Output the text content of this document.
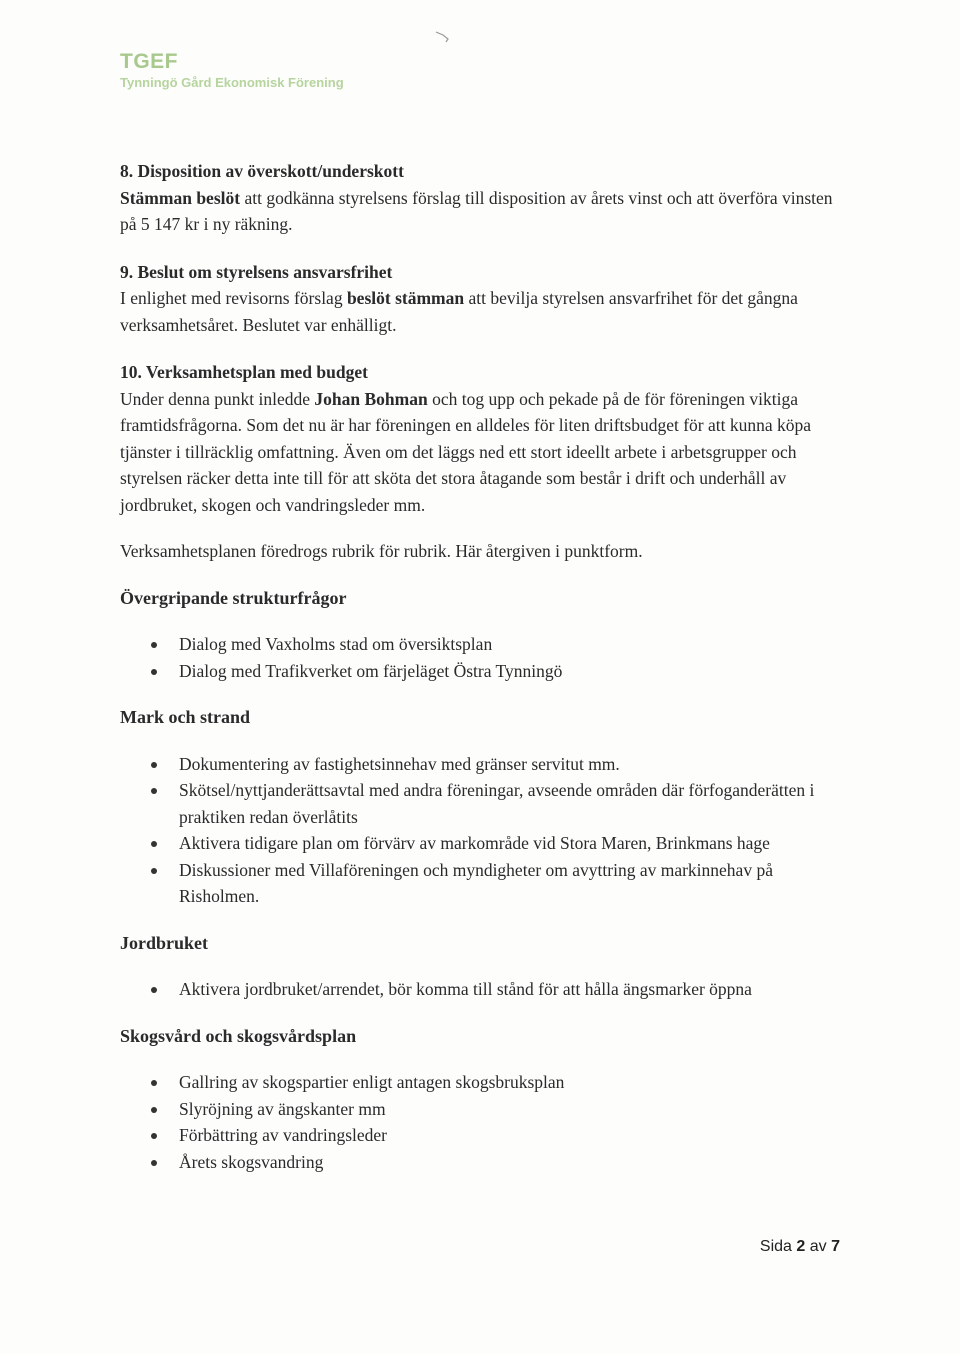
TGEF
Tynningö Gård Ekonomisk Förening

8. Disposition av överskott/underskott

Stämman beslöt att godkänna styrelsens förslag till disposition av årets vinst och att överföra vinsten på 5 147 kr i ny räkning.

9. Beslut om styrelsens ansvarsfrihet

I enlighet med revisorns förslag beslöt stämman att bevilja styrelsen ansvarfrihet för det gångna verksamhetsåret. Beslutet var enhälligt.

10. Verksamhetsplan med budget

Under denna punkt inledde Johan Bohman och tog upp och pekade på de för föreningen viktiga framtidsfrågorna. Som det nu är har föreningen en alldeles för liten driftsbudget för att kunna köpa tjänster i tillräcklig omfattning. Även om det läggs ned ett stort ideellt arbete i arbetsgrupper och styrelsen räcker detta inte till för att sköta det stora åtagande som består i drift och underhåll av jordbruket, skogen och vandringsleder mm.

Verksamhetsplanen föredrogs rubrik för rubrik. Här återgiven i punktform.

Övergripande strukturfrågor

Dialog med Vaxholms stad om översiktsplan
Dialog med Trafikverket om färjeläget Östra Tynningö

Mark och strand

Dokumentering av fastighetsinnehav med gränser servitut mm.
Skötsel/nyttjanderättsavtal med andra föreningar, avseende områden där förfoganderätten i praktiken redan överlåtits
Aktivera tidigare plan om förvärv av markområde vid Stora Maren, Brinkmans hage
Diskussioner med Villaföreningen och myndigheter om avyttring av markinnehav på Risholmen.

Jordbruket

Aktivera jordbruket/arrendet, bör komma till stånd för att hålla ängsmarker öppna

Skogsvård och skogsvårdsplan

Gallring av skogspartier enligt antagen skogsbruksplan
Slyröjning av ängskanter mm
Förbättring av vandringsleder
Årets skogsvandring
Sida 2 av 7
